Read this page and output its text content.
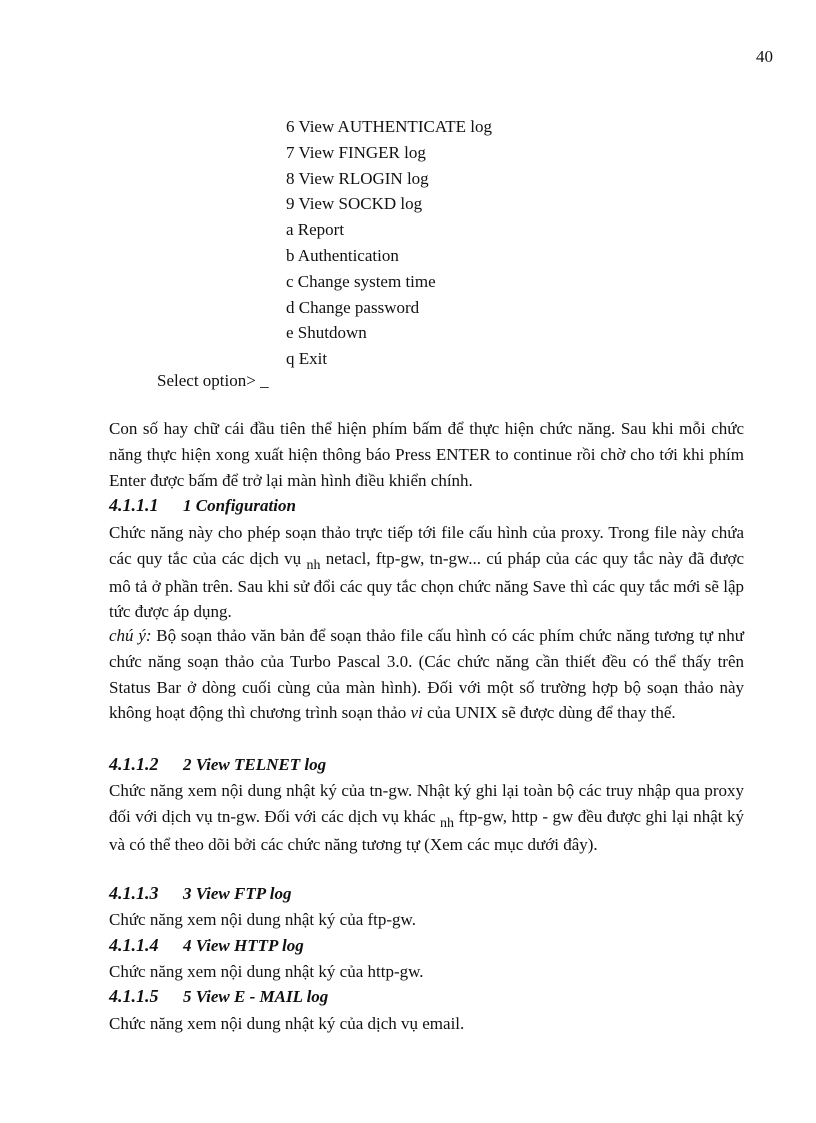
40
6 View AUTHENTICATE log
7 View FINGER log
8 View RLOGIN log
9 View SOCKD log
a Report
b Authentication
c Change system time
d Change password
e Shutdown
q Exit
Select option> _

Con số hay chữ cái đầu tiên thể hiện phím bấm để thực hiện chức năng. Sau khi mỗi chức năng thực hiện xong xuất hiện thông báo Press ENTER to continue rồi chờ cho tới khi phím Enter được bấm để trở lại màn hình điều khiển chính.

4.1.1.1 1 Configuration

Chức năng này cho phép soạn thảo trực tiếp tới file cấu hình của proxy. Trong file này chứa các quy tắc của các dịch vụ $_{nh}$ netacl, ftp-gw, tn-gw... cú pháp của các quy tắc này đã được mô tả ở phần trên. Sau khi sử đổi các quy tắc chọn chức năng Save thì các quy tắc mới sẽ lập tức được áp dụng.

chú ý: Bộ soạn thảo văn bản để soạn thảo file cấu hình có các phím chức năng tương tự như chức năng soạn thảo của Turbo Pascal 3.0. (Các chức năng cần thiết đều có thể thấy trên Status Bar ở dòng cuối cùng của màn hình). Đối với một số trường hợp bộ soạn thảo này không hoạt động thì chương trình soạn thảo vi của UNIX sẽ được dùng để thay thế.

4.1.1.2 2 View TELNET log

Chức năng xem nội dung nhật ký của tn-gw. Nhật ký ghi lại toàn bộ các truy nhập qua proxy đối với dịch vụ tn-gw. Đối với các dịch vụ khác $_{nh}$ ftp-gw, http - gw đều được ghi lại nhật ký và có thể theo dõi bởi các chức năng tương tự (Xem các mục dưới đây).

4.1.1.3 3 View FTP log

Chức năng xem nội dung nhật ký của ftp-gw.

4.1.1.4 4 View HTTP log

Chức năng xem nội dung nhật ký của http-gw.

4.1.1.5 5 View E - MAIL log

Chức năng xem nội dung nhật ký của dịch vụ email.
